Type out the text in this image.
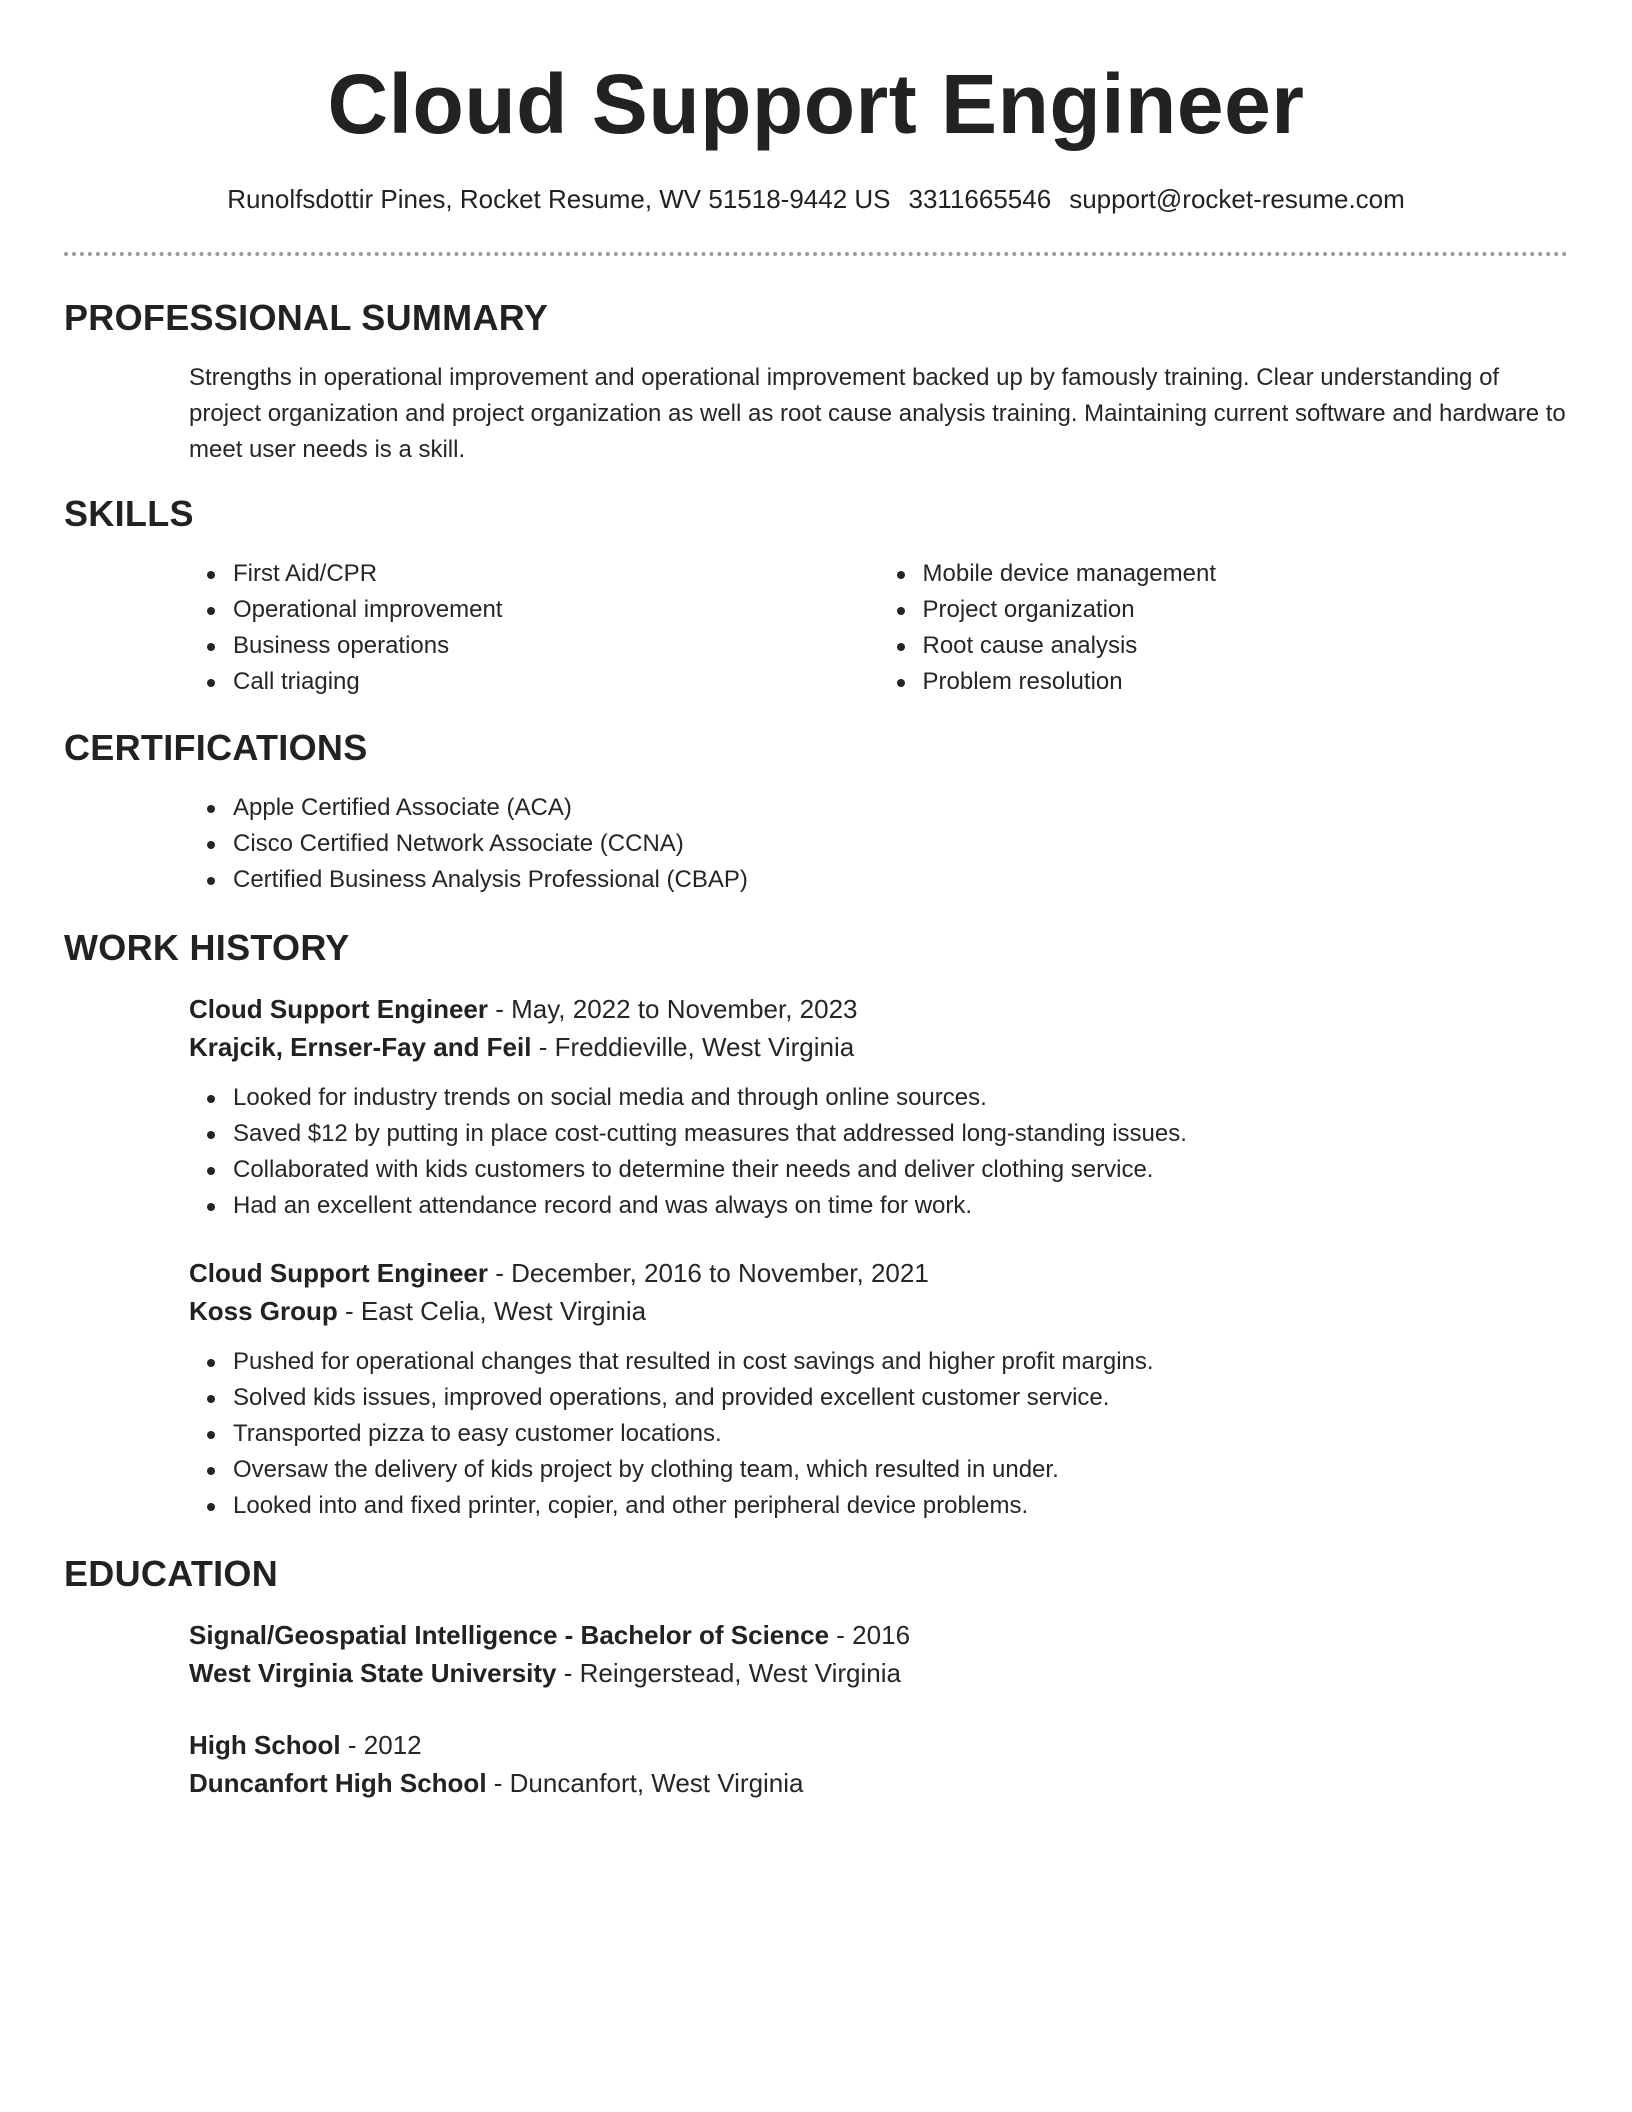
Cloud Support Engineer
Runolfsdottir Pines, Rocket Resume, WV 51518-9442 US 3311665546 support@rocket-resume.com
PROFESSIONAL SUMMARY

Strengths in operational improvement and operational improvement backed up by famously training. Clear understanding of project organization and project organization as well as root cause analysis training. Maintaining current software and hardware to meet user needs is a skill.

SKILLS
First Aid/CPR
Operational improvement
Business operations
Call triaging
Mobile device management
Project organization
Root cause analysis
Problem resolution
CERTIFICATIONS
Apple Certified Associate (ACA)
Cisco Certified Network Associate (CCNA)
Certified Business Analysis Professional (CBAP)
WORK HISTORY
Cloud Support Engineer - May, 2022 to November, 2023
Krajcik, Ernser-Fay and Feil - Freddieville, West Virginia
Looked for industry trends on social media and through online sources.
Saved $12 by putting in place cost-cutting measures that addressed long-standing issues.
Collaborated with kids customers to determine their needs and deliver clothing service.
Had an excellent attendance record and was always on time for work.
Cloud Support Engineer - December, 2016 to November, 2021
Koss Group - East Celia, West Virginia
Pushed for operational changes that resulted in cost savings and higher profit margins.
Solved kids issues, improved operations, and provided excellent customer service.
Transported pizza to easy customer locations.
Oversaw the delivery of kids project by clothing team, which resulted in under.
Looked into and fixed printer, copier, and other peripheral device problems.
EDUCATION
Signal/Geospatial Intelligence - Bachelor of Science - 2016
West Virginia State University - Reingerstead, West Virginia
High School - 2012
Duncanfort High School - Duncanfort, West Virginia
